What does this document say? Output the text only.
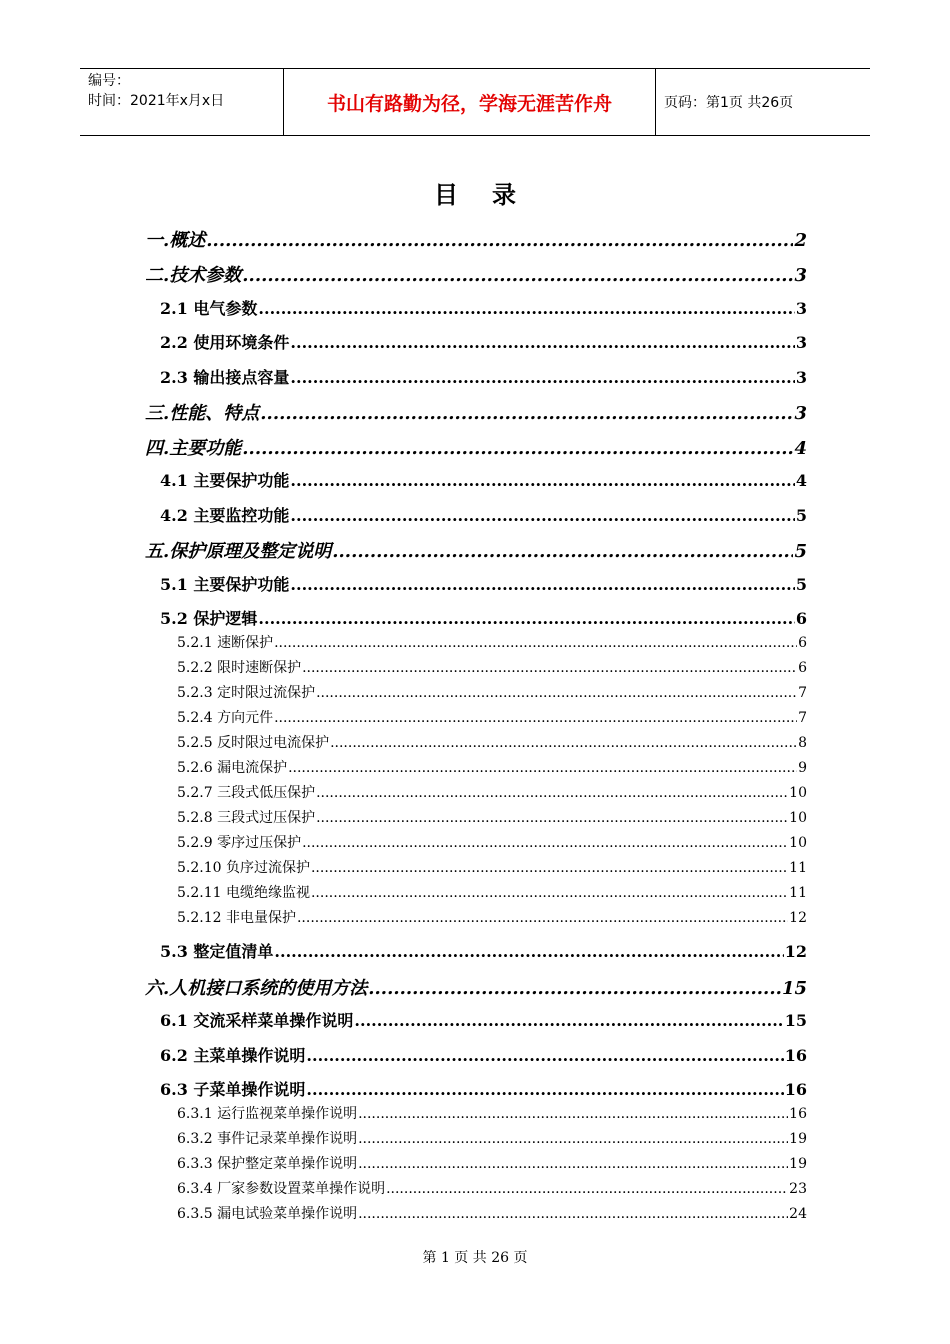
编号：
时间：2021年x月x日	书山有路勤为径，学海无涯苦作舟	页码：第1页 共26页
目录
一.概述 .....	2
二.技术参数 .....	3
2.1 电气参数 .....	3
2.2 使用环境条件 .....	3
2.3 输出接点容量 .....	3
三.性能、特点 .....	3
四.主要功能 .....	4
4.1 主要保护功能 .....	4
4.2 主要监控功能 .....	5
五.保护原理及整定说明 .....	5
5.1 主要保护功能 .....	5
5.2 保护逻辑 .....	6
5.2.1 速断保护 .....	6
5.2.2 限时速断保护 .....	6
5.2.3 定时限过流保护 .....	7
5.2.4 方向元件 .....	7
5.2.5 反时限过电流保护 .....	8
5.2.6 漏电流保护 .....	9
5.2.7 三段式低压保护 .....	10
5.2.8 三段式过压保护 .....	10
5.2.9 零序过压保护 .....	10
5.2.10 负序过流保护 .....	11
5.2.11 电缆绝缘监视 .....	11
5.2.12 非电量保护 .....	12
5.3 整定值清单 .....	12
六.人机接口系统的使用方法 .....	15
6.1 交流采样菜单操作说明 .....	15
6.2 主菜单操作说明 .....	16
6.3 子菜单操作说明 .....	16
6.3.1 运行监视菜单操作说明 .....	16
6.3.2 事件记录菜单操作说明 .....	19
6.3.3 保护整定菜单操作说明 .....	19
6.3.4 厂家参数设置菜单操作说明 .....	23
6.3.5 漏电试验菜单操作说明 .....	24
第 1 页 共 26 页
